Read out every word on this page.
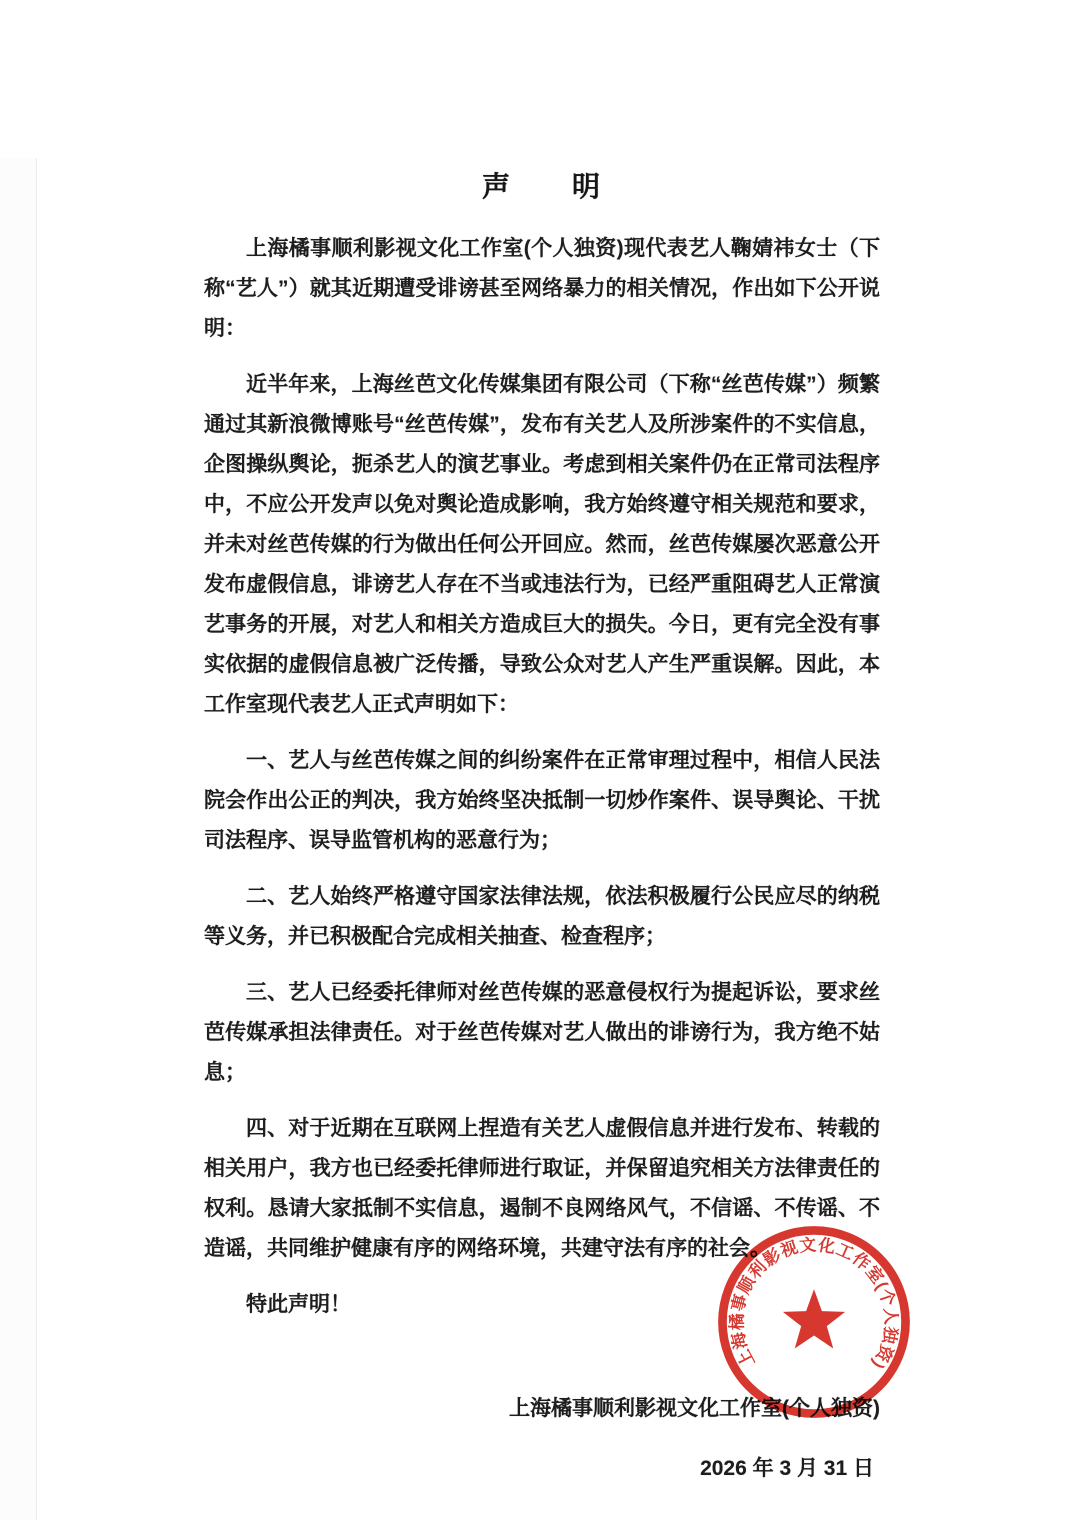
声　　明

上海橘事顺利影视文化工作室(个人独资)现代表艺人鞠婧祎女士（下称“艺人”）就其近期遭受诽谤甚至网络暴力的相关情况，作出如下公开说明：

近半年来，上海丝芭文化传媒集团有限公司（下称“丝芭传媒”）频繁通过其新浪微博账号“丝芭传媒”，发布有关艺人及所涉案件的不实信息，企图操纵舆论，扼杀艺人的演艺事业。考虑到相关案件仍在正常司法程序中，不应公开发声以免对舆论造成影响，我方始终遵守相关规范和要求，并未对丝芭传媒的行为做出任何公开回应。然而，丝芭传媒屡次恶意公开发布虚假信息，诽谤艺人存在不当或违法行为，已经严重阻碍艺人正常演艺事务的开展，对艺人和相关方造成巨大的损失。今日，更有完全没有事实依据的虚假信息被广泛传播，导致公众对艺人产生严重误解。因此，本工作室现代表艺人正式声明如下：

一、艺人与丝芭传媒之间的纠纷案件在正常审理过程中，相信人民法院会作出公正的判决，我方始终坚决抵制一切炒作案件、误导舆论、干扰司法程序、误导监管机构的恶意行为；

二、艺人始终严格遵守国家法律法规，依法积极履行公民应尽的纳税等义务，并已积极配合完成相关抽查、检查程序；

三、艺人已经委托律师对丝芭传媒的恶意侵权行为提起诉讼，要求丝芭传媒承担法律责任。对于丝芭传媒对艺人做出的诽谤行为，我方绝不姑息；

四、对于近期在互联网上捏造有关艺人虚假信息并进行发布、转载的相关用户，我方也已经委托律师进行取证，并保留追究相关方法律责任的权利。恳请大家抵制不实信息，遏制不良网络风气，不信谣、不传谣、不造谣，共同维护健康有序的网络环境，共建守法有序的社会。

特此声明！

上海橘事顺利影视文化工作室(个人独资)
2026 年 3 月 31 日
上海橘事顺利影视文化工作室(个人独资)
